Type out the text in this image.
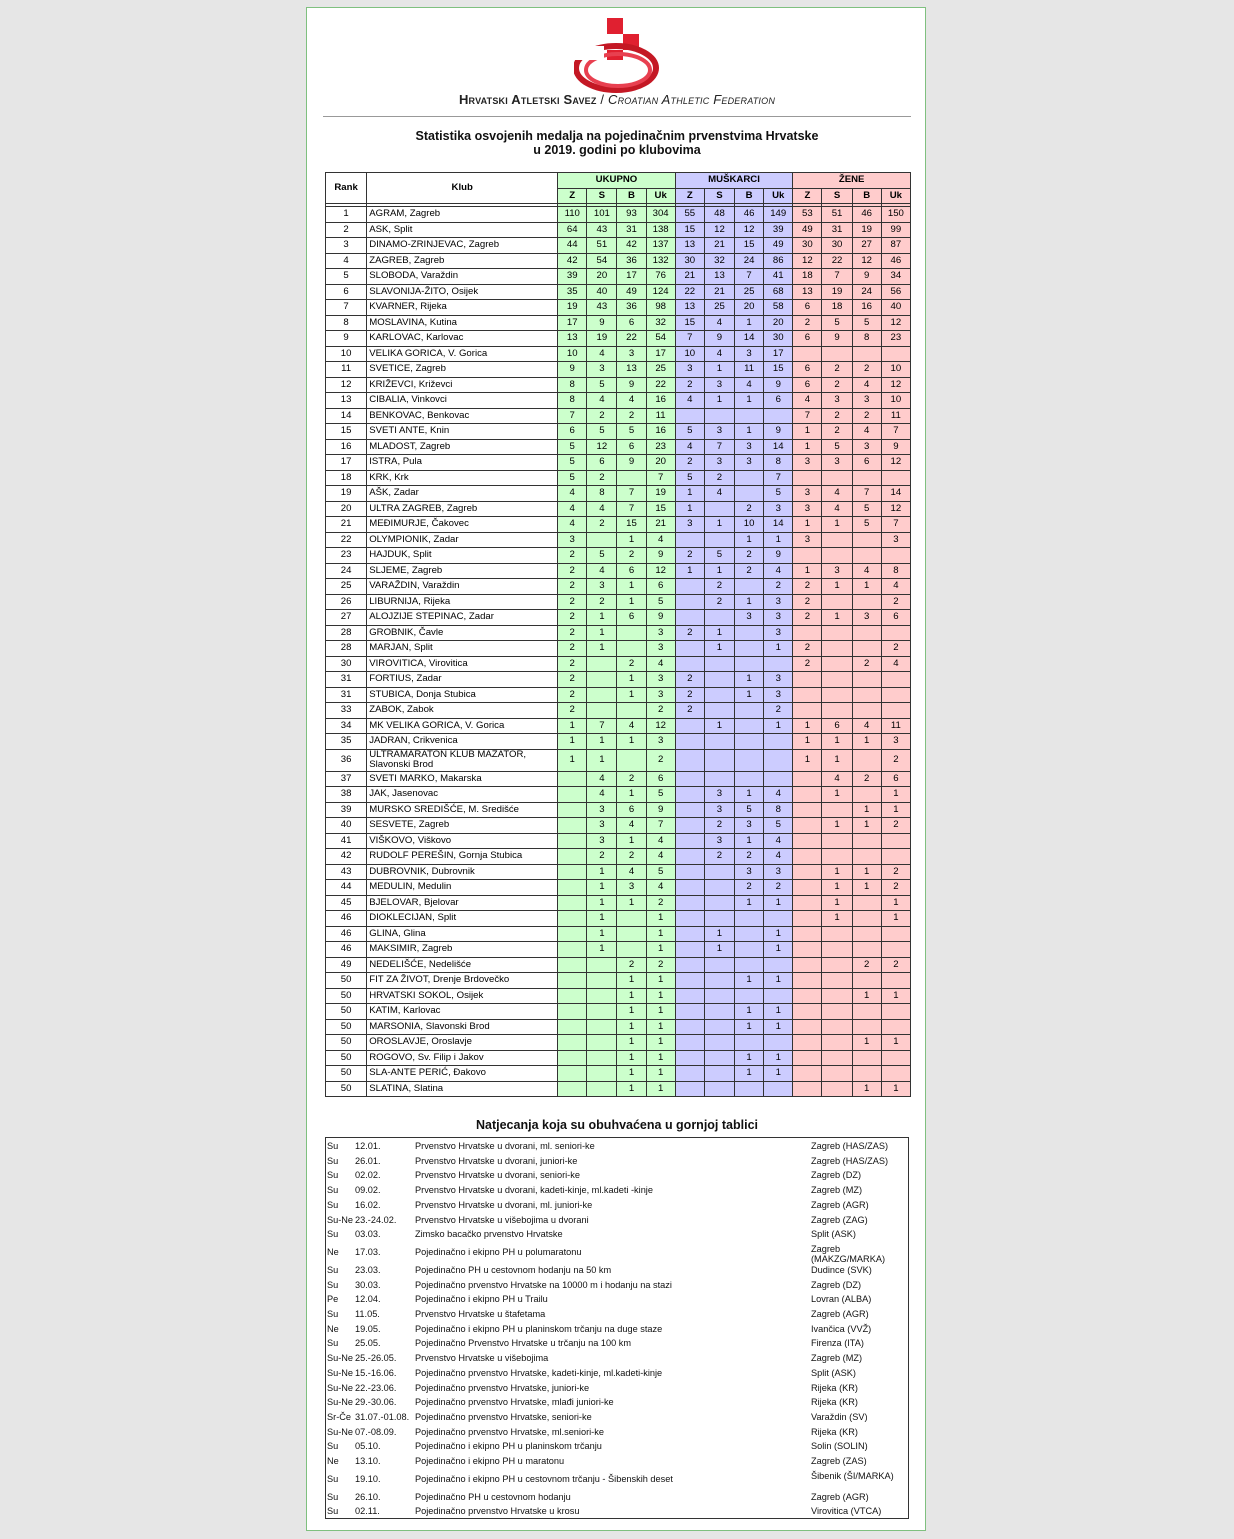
Hrvatski Atletski Savez / Croatian Athletic Federation
Statistika osvojenih medalja na pojedinačnim prvenstvima Hrvatske
u 2019. godini po klubovima
Rank	Klub	UKUPNO				MUŠKARCI				ŽENE			
		Z	S	B	Uk	Z	S	B	Uk	Z	S	B	Uk

1	AGRAM, Zagreb	110	101	93	304	55	48	46	149	53	51	46	150
2	ASK, Split	64	43	31	138	15	12	12	39	49	31	19	99
3	DINAMO-ZRINJEVAC, Zagreb	44	51	42	137	13	21	15	49	30	30	27	87
4	ZAGREB, Zagreb	42	54	36	132	30	32	24	86	12	22	12	46
5	SLOBODA, Varaždin	39	20	17	76	21	13	7	41	18	7	9	34
6	SLAVONIJA-ŽITO, Osijek	35	40	49	124	22	21	25	68	13	19	24	56
7	KVARNER, Rijeka	19	43	36	98	13	25	20	58	6	18	16	40
8	MOSLAVINA, Kutina	17	9	6	32	15	4	1	20	2	5	5	12
9	KARLOVAC, Karlovac	13	19	22	54	7	9	14	30	6	9	8	23
10	VELIKA GORICA, V. Gorica	10	4	3	17	10	4	3	17				
11	SVETICE, Zagreb	9	3	13	25	3	1	11	15	6	2	2	10
12	KRIŽEVCI, Križevci	8	5	9	22	2	3	4	9	6	2	4	12
13	CIBALIA, Vinkovci	8	4	4	16	4	1	1	6	4	3	3	10
14	BENKOVAC, Benkovac	7	2	2	11					7	2	2	11
15	SVETI ANTE, Knin	6	5	5	16	5	3	1	9	1	2	4	7
16	MLADOST, Zagreb	5	12	6	23	4	7	3	14	1	5	3	9
17	ISTRA, Pula	5	6	9	20	2	3	3	8	3	3	6	12
18	KRK, Krk	5	2		7	5	2		7				
19	AŠK, Zadar	4	8	7	19	1	4		5	3	4	7	14
20	ULTRA ZAGREB, Zagreb	4	4	7	15	1		2	3	3	4	5	12
21	MEĐIMURJE, Čakovec	4	2	15	21	3	1	10	14	1	1	5	7
22	OLYMPIONIK, Zadar	3		1	4			1	1	3			3
23	HAJDUK, Split	2	5	2	9	2	5	2	9				
24	SLJEME, Zagreb	2	4	6	12	1	1	2	4	1	3	4	8
25	VARAŽDIN, Varaždin	2	3	1	6		2		2	2	1	1	4
26	LIBURNIJA, Rijeka	2	2	1	5		2	1	3	2			2
27	ALOJZIJE STEPINAC, Zadar	2	1	6	9			3	3	2	1	3	6
28	GROBNIK, Čavle	2	1		3	2	1		3				
28	MARJAN, Split	2	1		3		1		1	2			2
30	VIROVITICA, Virovitica	2		2	4					2		2	4
31	FORTIUS, Zadar	2		1	3	2		1	3				
31	STUBICA, Donja Stubica	2		1	3	2		1	3				
33	ZABOK, Zabok	2			2	2			2				
34	MK VELIKA GORICA, V. Gorica	1	7	4	12		1		1	1	6	4	11
35	JADRAN, Crikvenica	1	1	1	3					1	1	1	3
36	ULTRAMARATON KLUB MAZATOR, Slavonski Brod	1	1		2					1	1		2
37	SVETI MARKO, Makarska		4	2	6						4	2	6
38	JAK, Jasenovac		4	1	5		3	1	4		1		1
39	MURSKO SREDIŠĆE, M. Središće		3	6	9		3	5	8			1	1
40	SESVETE, Zagreb		3	4	7		2	3	5		1	1	2
41	VIŠKOVO, Viškovo		3	1	4		3	1	4				
42	RUDOLF PEREŠIN, Gornja Stubica		2	2	4		2	2	4				
43	DUBROVNIK, Dubrovnik		1	4	5			3	3		1	1	2
44	MEDULIN, Medulin		1	3	4			2	2		1	1	2
45	BJELOVAR, Bjelovar		1	1	2			1	1		1		1
46	DIOKLECIJAN, Split		1		1						1		1
46	GLINA, Glina		1		1		1		1				
46	MAKSIMIR, Zagreb		1		1		1		1				
49	NEDELIŠĆE, Nedelišće			2	2							2	2
50	FIT ZA ŽIVOT, Drenje Brdovečko			1	1			1	1				
50	HRVATSKI SOKOL, Osijek			1	1							1	1
50	KATIM, Karlovac			1	1			1	1				
50	MARSONIA, Slavonski Brod			1	1			1	1				
50	OROSLAVJE, Oroslavje			1	1							1	1
50	ROGOVO, Sv. Filip i Jakov			1	1			1	1				
50	SLA-ANTE PERIĆ, Đakovo			1	1			1	1				
50	SLATINA, Slatina			1	1							1	1
Natjecanja koja su obuhvaćena u gornjoj tablici
Su 12.01.	Prvenstvo Hrvatske u dvorani, ml. seniori-ke	Zagreb (HAS/ZAS)
Su 26.01.	Prvenstvo Hrvatske u dvorani, juniori-ke	Zagreb (HAS/ZAS)
Su 02.02.	Prvenstvo Hrvatske u dvorani, seniori-ke	Zagreb (DZ)
Su 09.02.	Prvenstvo Hrvatske u dvorani, kadeti-kinje, ml.kadeti -kinje	Zagreb (MZ)
Su 16.02.	Prvenstvo Hrvatske u dvorani, ml. juniori-ke	Zagreb (AGR)
Su-Ne 23.-24.02. Prvenstvo Hrvatske u višebojima u dvorani	Zagreb (ZAG)
Su 03.03.	Zimsko bacačko prvenstvo Hrvatske	Split (ASK)
Ne 17.03.	Pojedinačno i ekipno PH u polumaratonu	Zagreb (MAKZG/MARKA)
Su 23.03.	Pojedinačno PH u cestovnom hodanju na 50 km	Dudince (SVK)
Su 30.03.	Pojedinačno prvenstvo Hrvatske na 10000 m i hodanju na stazi	Zagreb (DZ)
Pe 12.04.	Pojedinačno i ekipno PH u Trailu	Lovran (ALBA)
Su 11.05.	Prvenstvo Hrvatske u štafetama	Zagreb (AGR)
Ne 19.05.	Pojedinačno i ekipno PH u planinskom trčanju na duge staze	Ivančica (VVŽ)
Su 25.05.	Pojedinačno Prvenstvo Hrvatske u trčanju na 100 km	Firenza (ITA)
Su-Ne 25.-26.05. Prvenstvo Hrvatske u višebojima	Zagreb (MZ)
Su-Ne 15.-16.06. Pojedinačno prvenstvo Hrvatske, kadeti-kinje, ml.kadeti-kinje	Split (ASK)
Su-Ne 22.-23.06. Pojedinačno prvenstvo Hrvatske, juniori-ke	Rijeka (KR)
Su-Ne 29.-30.06. Pojedinačno prvenstvo Hrvatske, mlađi juniori-ke	Rijeka (KR)
Sr-Če 31.07.-01.08. Pojedinačno prvenstvo Hrvatske, seniori-ke	Varaždin (SV)
Su-Ne 07.-08.09. Pojedinačno prvenstvo Hrvatske, ml.seniori-ke	Rijeka (KR)
Su 05.10.	Pojedinačno i ekipno PH u planinskom trčanju	Solin (SOLIN)
Ne 13.10.	Pojedinačno i ekipno PH u maratonu	Zagreb (ZAS)
Su 19.10.	Pojedinačno i ekipno PH u cestovnom trčanju - Šibenskih deset	Šibenik (ŠI/MARKA)
Su 26.10.	Pojedinačno PH u cestovnom hodanju	Zagreb (AGR)
Su 02.11.	Pojedinačno prvenstvo Hrvatske u krosu	Virovitica (VTCA)
